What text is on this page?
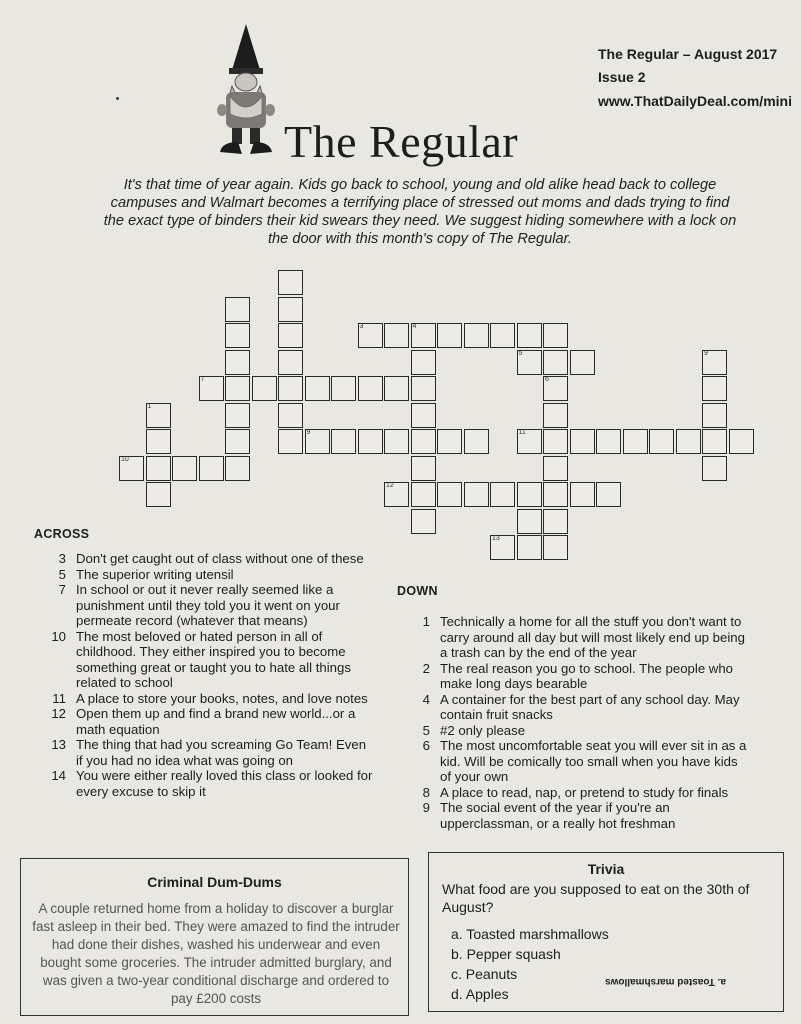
The Regular
The Regular – August 2017
Issue 2
www.ThatDailyDeal.com/mini
It's that time of year again. Kids go back to school, young and old alike head back to college campuses and Walmart becomes a terrifying place of stressed out moms and dads trying to find the exact type of binders their kid swears they need. We suggest hiding somewhere with a lock on the door with this month's copy of The Regular.
3	4
7
1
10
9
5	9
11
6
12
13
ACROSS
3 Don't get caught out of class without one of these
5 The superior writing utensil
7 In school or out it never really seemed like a punishment until they told you it went on your permeate record (whatever that means)
10 The most beloved or hated person in all of childhood. They either inspired you to become something great or taught you to hate all things related to school
11 A place to store your books, notes, and love notes
12 Open them up and find a brand new world...or a math equation
13 The thing that had you screaming Go Team! Even if you had no idea what was going on
14 You were either really loved this class or looked for every excuse to skip it
DOWN
1 Technically a home for all the stuff you don't want to carry around all day but will most likely end up being a trash can by the end of the year
2 The real reason you go to school. The people who make long days bearable
4 A container for the best part of any school day. May contain fruit snacks
5 #2 only please
6 The most uncomfortable seat you will ever sit in as a kid. Will be comically too small when you have kids of your own
8 A place to read, nap, or pretend to study for finals
9 The social event of the year if you're an upperclassman, or a really hot freshman
Criminal Dum-Dums
A couple returned home from a holiday to discover a burglar fast asleep in their bed. They were amazed to find the intruder had done their dishes, washed his underwear and even bought some groceries. The intruder admitted burglary, and was given a two-year conditional discharge and ordered to pay £200 costs
Trivia
What food are you supposed to eat on the 30th of August?
a. Toasted marshmallows
b. Pepper squash
c. Peanuts
d. Apples
a. Toasted marshmallows
